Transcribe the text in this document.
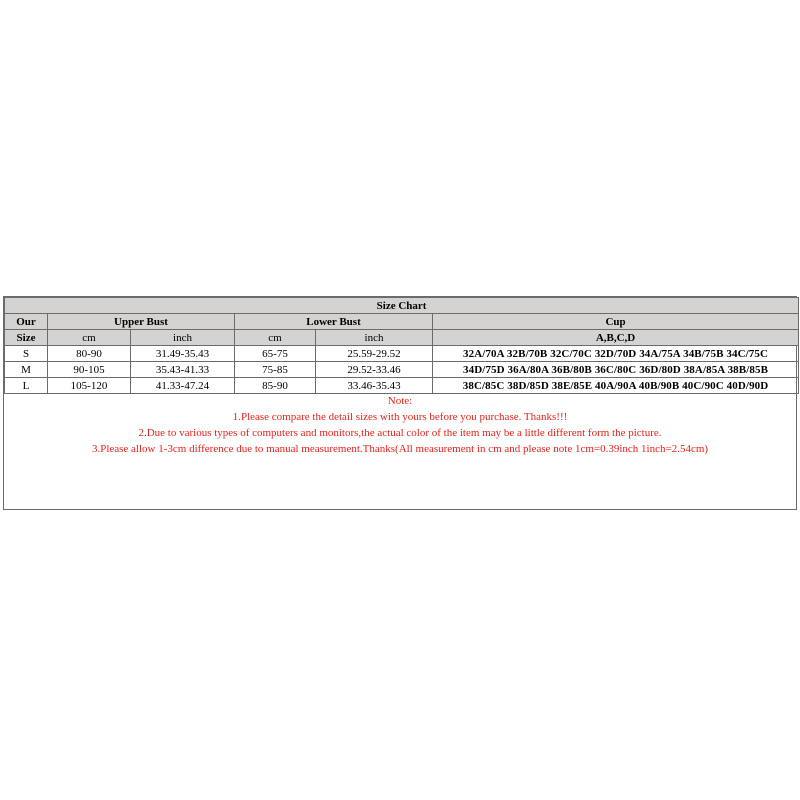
Size Chart					
Our	Upper Bust		Lower Bust		Cup
Size	cm	inch	cm	inch	A,B,C,D
S	80-90	31.49-35.43	65-75	25.59-29.52	32A/70A 32B/70B 32C/70C 32D/70D 34A/75A 34B/75B 34C/75C
M	90-105	35.43-41.33	75-85	29.52-33.46	34D/75D 36A/80A 36B/80B 36C/80C 36D/80D 38A/85A 38B/85B
L	105-120	41.33-47.24	85-90	33.46-35.43	38C/85C 38D/85D 38E/85E 40A/90A 40B/90B 40C/90C 40D/90D
Note:
1.Please compare the detail sizes with yours before you purchase. Thanks!!!
2.Due to various types of computers and monitors,the actual color of the item may be a little different form the picture.
3.Please allow 1-3cm difference due to manual measurement.Thanks(All measurement in cm and please note 1cm=0.39inch 1inch=2.54cm)
